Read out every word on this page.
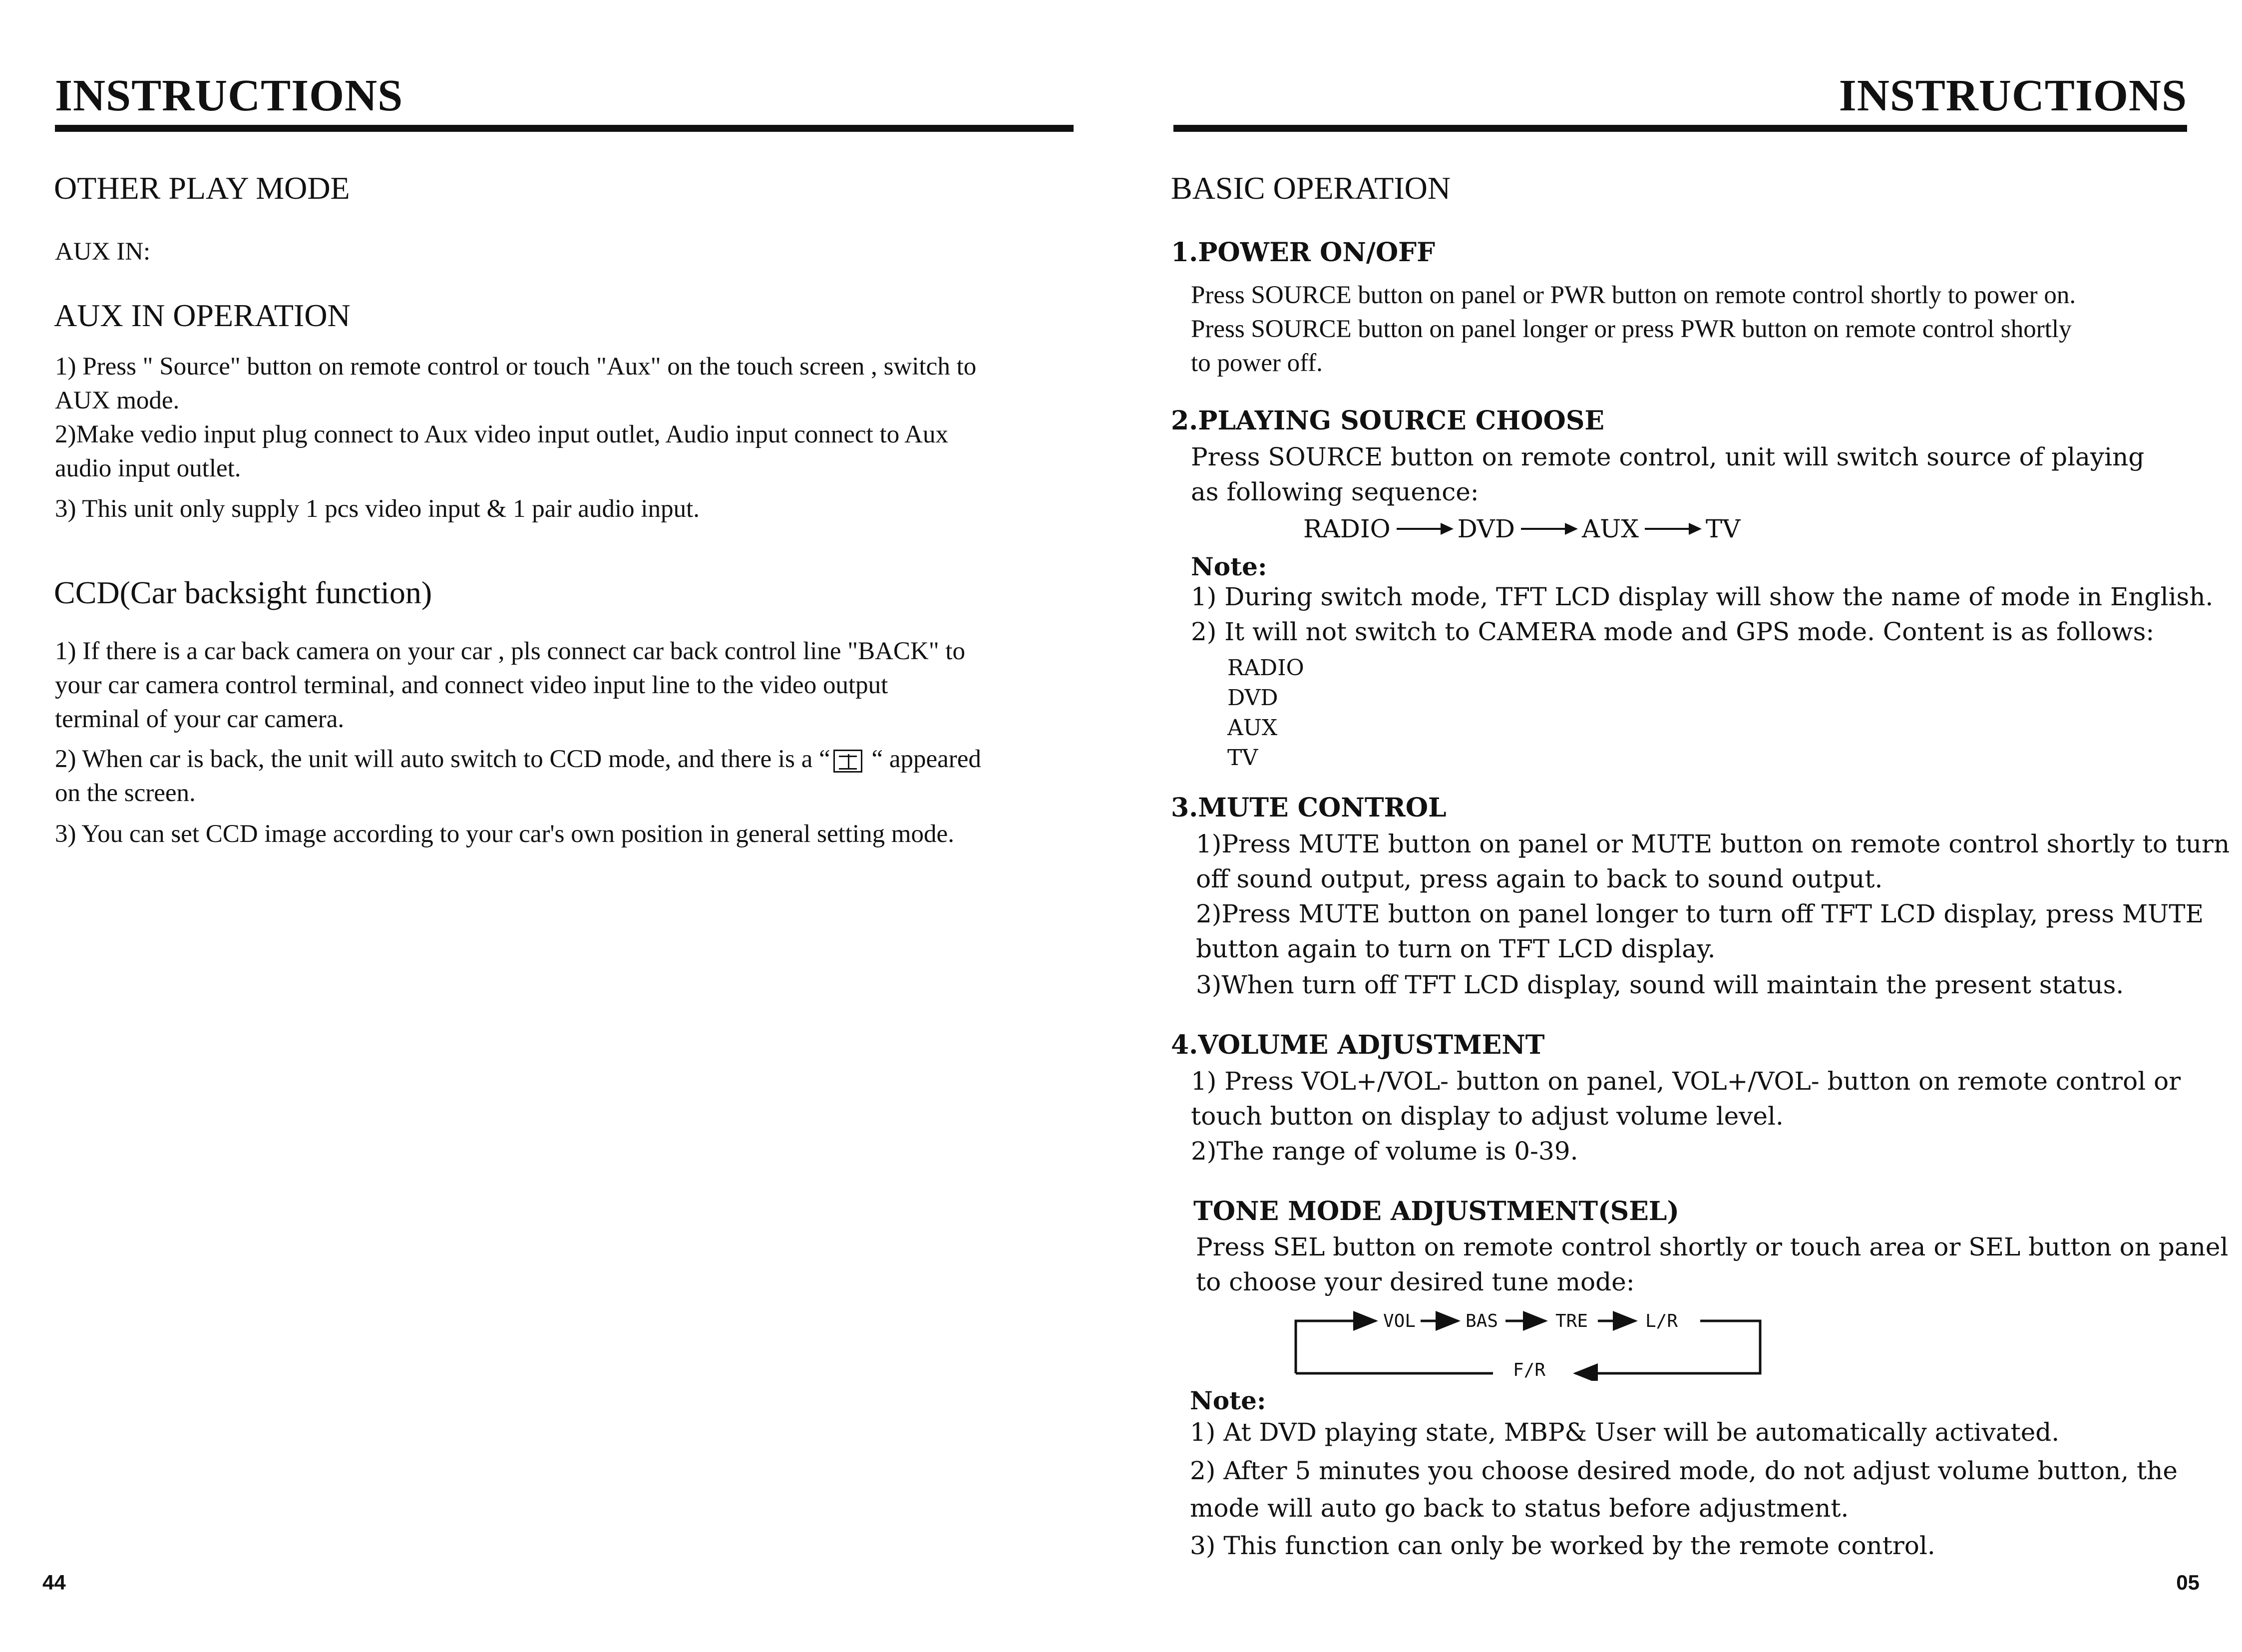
INSTRUCTIONS
OTHER PLAY MODE
AUX IN:
AUX IN OPERATION
1) Press " Source" button on remote control or touch "Aux" on the touch screen , switch to
AUX mode.
2)Make vedio input plug connect to Aux video input outlet, Audio input connect to Aux
audio input outlet.
3) This unit only supply 1 pcs video input & 1 pair audio input.
CCD(Car backsight function)
1) If there is a car back camera on your car , pls connect car back control line "BACK" to
your car camera control terminal, and connect video input line to the video output
terminal of your car camera.
2) When car is back, the unit will auto switch to CCD mode, and there is a “ “ appeared
on the screen.
3) You can set CCD image according to your car's own position in general setting mode.
44
INSTRUCTIONS
BASIC OPERATION
1.POWER ON/OFF
Press SOURCE button on panel or PWR button on remote control shortly to power on.
Press SOURCE button on panel longer or press PWR button on remote control shortly
to power off.
2.PLAYING SOURCE CHOOSE
Press SOURCE button on remote control, unit will switch source of playing
as following sequence:
RADIO	DVD	AUX	TV
Note:
1) During switch mode, TFT LCD display will show the name of mode in English.
2) It will not switch to CAMERA mode and GPS mode. Content is as follows:
RADIO
DVD
AUX
TV
3.MUTE CONTROL
1)Press MUTE button on panel or MUTE button on remote control shortly to turn
off sound output, press again to back to sound output.
2)Press MUTE button on panel longer to turn off TFT LCD display, press MUTE
button again to turn on TFT LCD display.
3)When turn off TFT LCD display, sound will maintain the present status.
4.VOLUME ADJUSTMENT
1) Press VOL+/VOL- button on panel, VOL+/VOL- button on remote control or
touch button on display to adjust volume level.
2)The range of volume is 0-39.
TONE MODE ADJUSTMENT(SEL)
Press SEL button on remote control shortly or touch area or SEL button on panel
to choose your desired tune mode:
VOL	BAS	TRE	L/R
F/R
Note:
1) At DVD playing state, MBP& User will be automatically activated.
2) After 5 minutes you choose desired mode, do not adjust volume button, the
mode will auto go back to status before adjustment.
3) This function can only be worked by the remote control.
05
